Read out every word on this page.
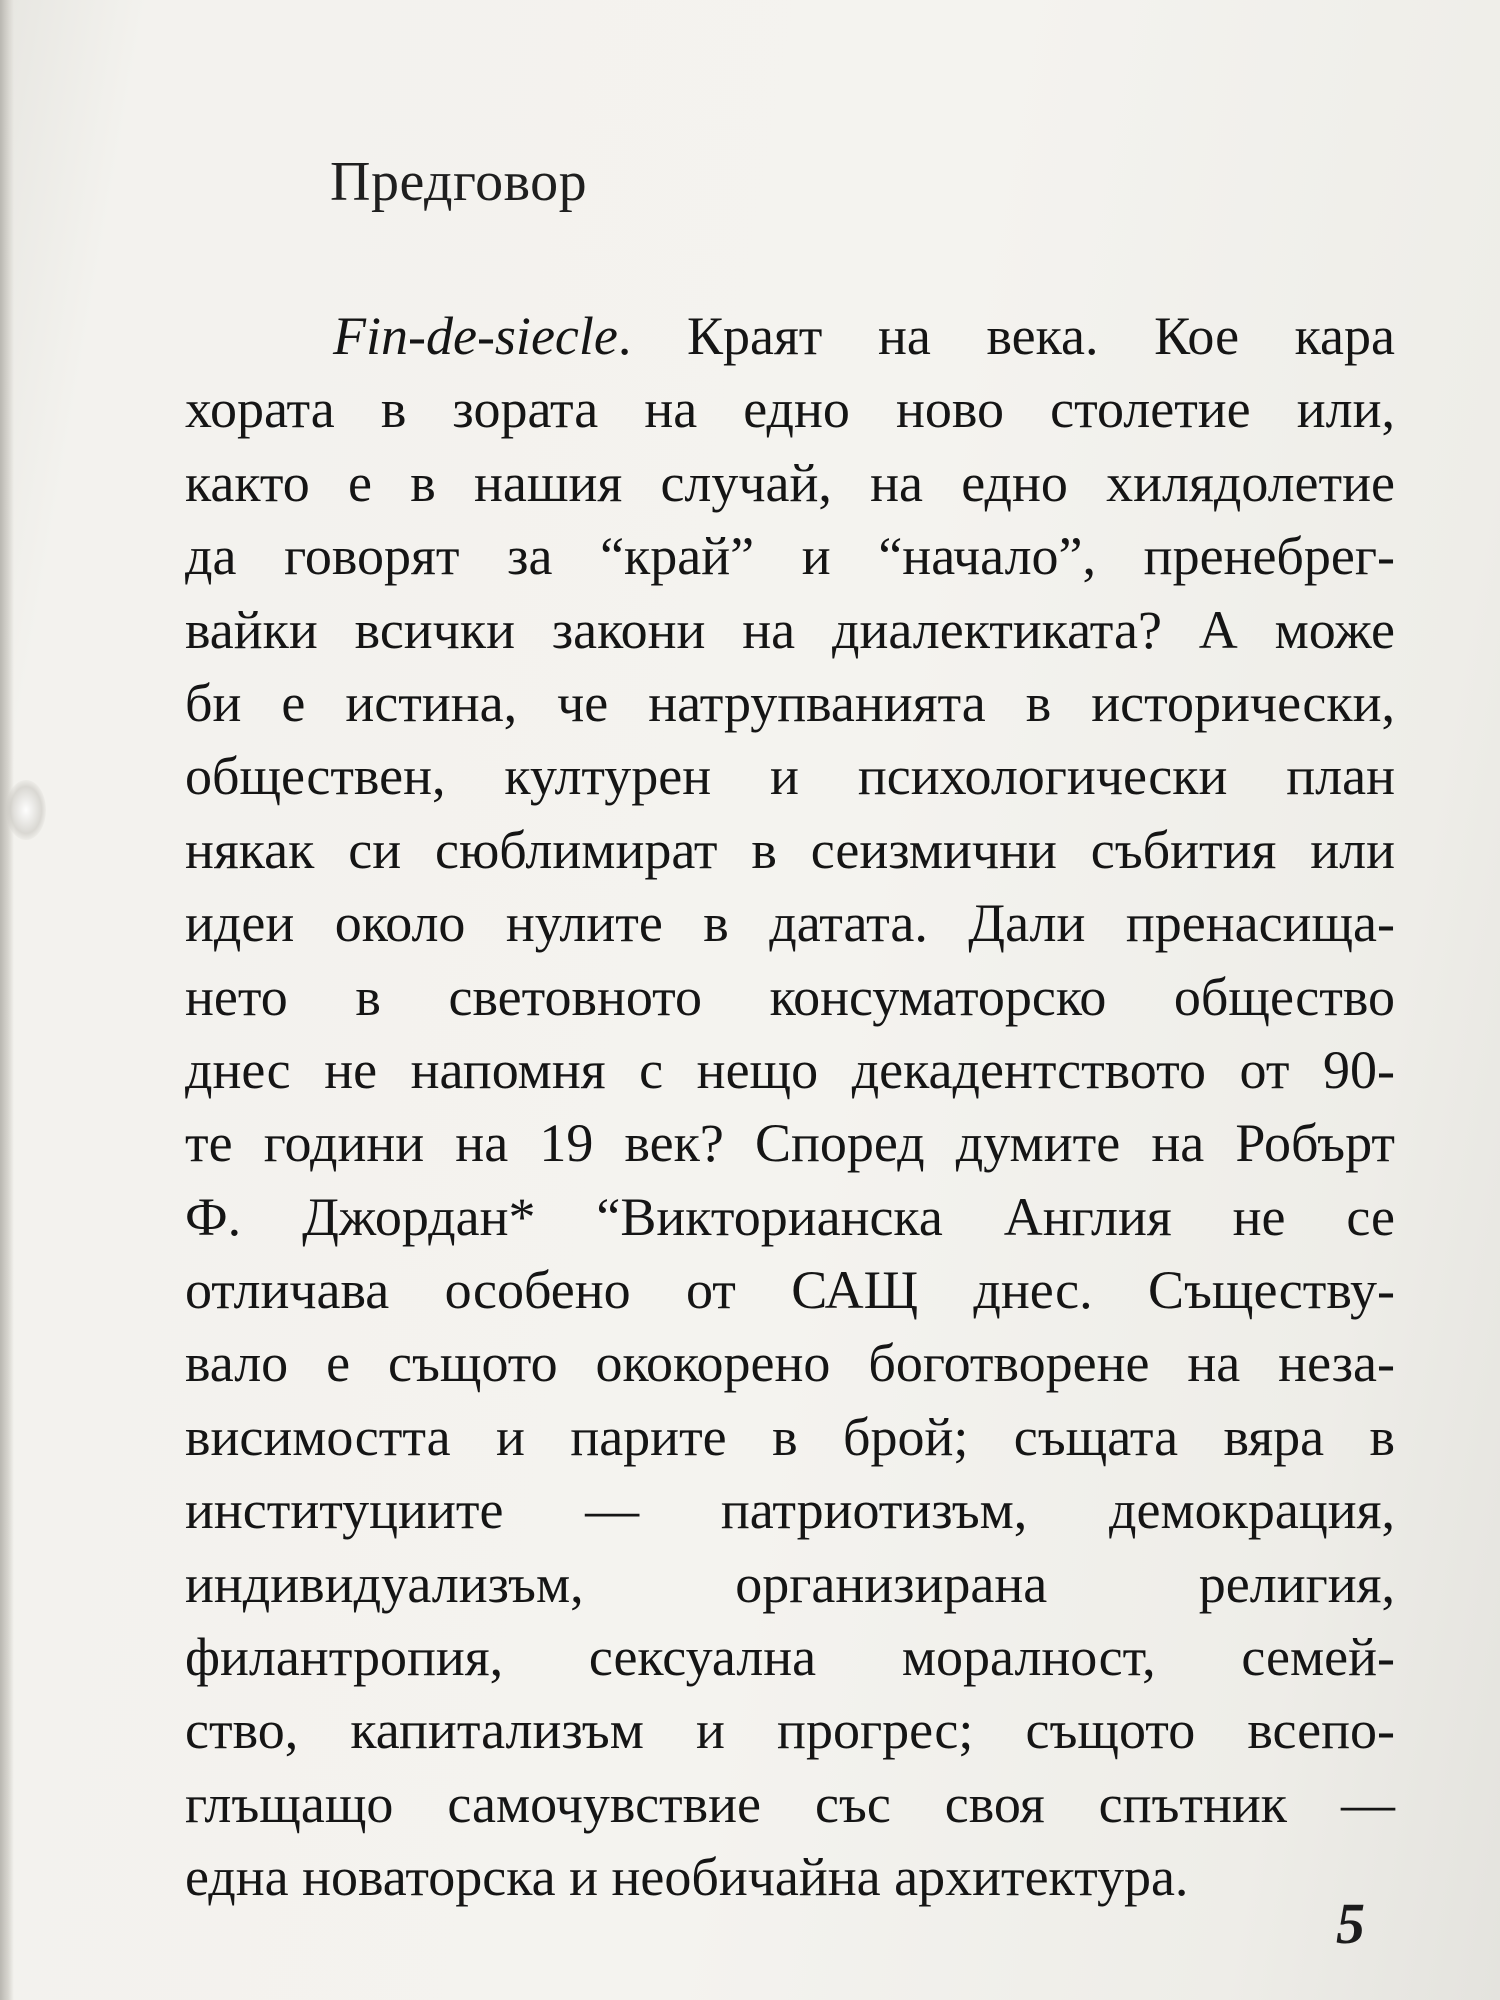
Предговор
Fin-de-siecle. Краят на века. Кое кара
хората в зората на едно ново столетие или,
както е в нашия случай, на едно хилядолетие
да говорят за “край” и “начало”, пренебрег-
вайки всички закони на диалектиката? А може
би е истина, че натрупванията в исторически,
обществен, културен и психологически план
някак си сюблимират в сеизмични събития или
идеи около нулите в датата. Дали пренасища-
нето в световното консуматорско общество
днес не напомня с нещо декадентството от 90-
те години на 19 век? Според думите на Робърт
Ф. Джордан* “Викторианска Англия не се
отличава особено от САЩ днес. Съществу-
вало е същото ококорено боготворене на неза-
висимостта и парите в брой; същата вяра в
институциите — патриотизъм, демокрация,
индивидуализъм, организирана религия,
филантропия, сексуална моралност, семей-
ство, капитализъм и прогрес; същото всепо-
глъщащо самочувствие със своя спътник —
една новаторска и необичайна архитектура.
5
